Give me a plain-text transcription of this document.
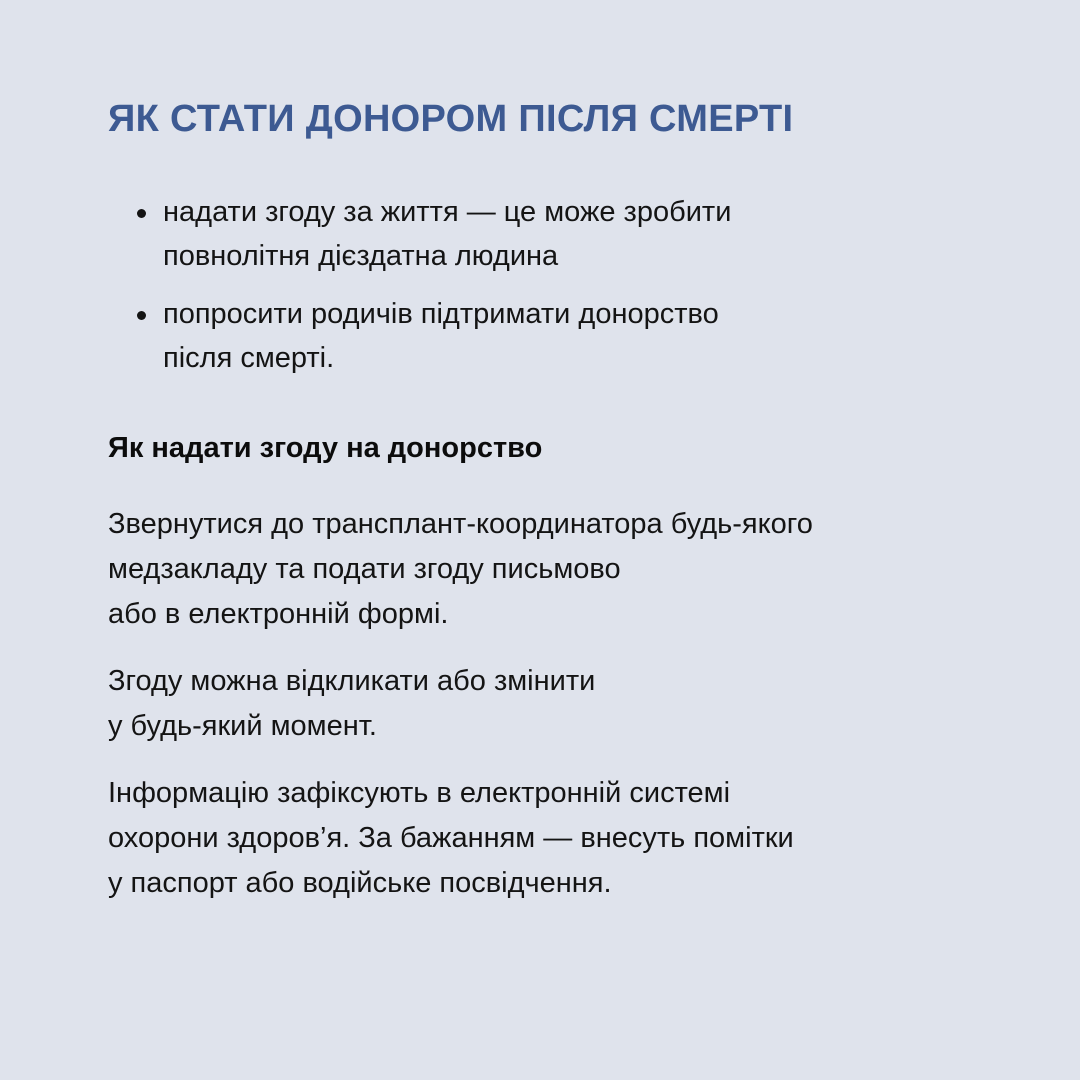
ЯК СТАТИ ДОНОРОМ ПІСЛЯ СМЕРТІ
надати згоду за життя — це може зробити
повнолітня дієздатна людина
попросити родичів підтримати донорство
після смерті.
Як надати згоду на донорство

Звернутися до трансплант-координатора будь-якого
медзакладу та подати згоду письмово
або в електронній формі.

Згоду можна відкликати або змінити
у будь-який момент.

Інформацію зафіксують в електронній системі
охорони здоров’я. За бажанням — внесуть помітки
у паспорт або водійське посвідчення.
